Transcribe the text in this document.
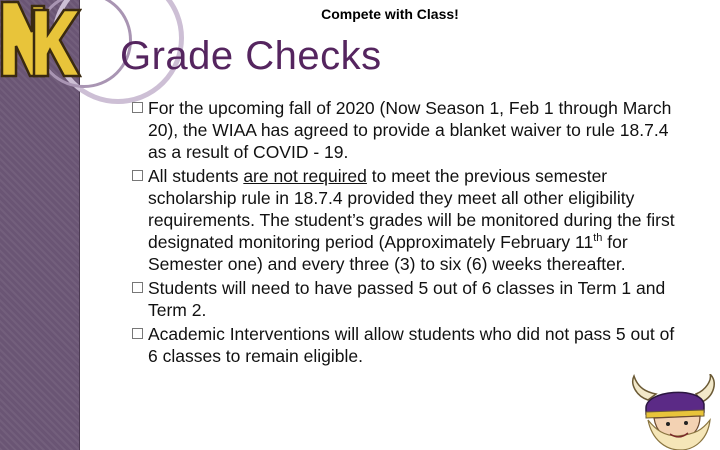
Compete with Class!
Grade Checks
For the upcoming fall of 2020 (Now Season 1, Feb 1 through March 20), the WIAA has agreed to provide a blanket waiver to rule 18.7.4 as a result of COVID - 19.
All students are not required to meet the previous semester scholarship rule in 18.7.4 provided they meet all other eligibility requirements. The student’s grades will be monitored during the first designated monitoring period (Approximately February 11th for Semester one) and every three (3) to six (6) weeks thereafter.
Students will need to have passed 5 out of 6 classes in Term 1 and Term 2.
Academic Interventions will allow students who did not pass 5 out of 6 classes to remain eligible.
